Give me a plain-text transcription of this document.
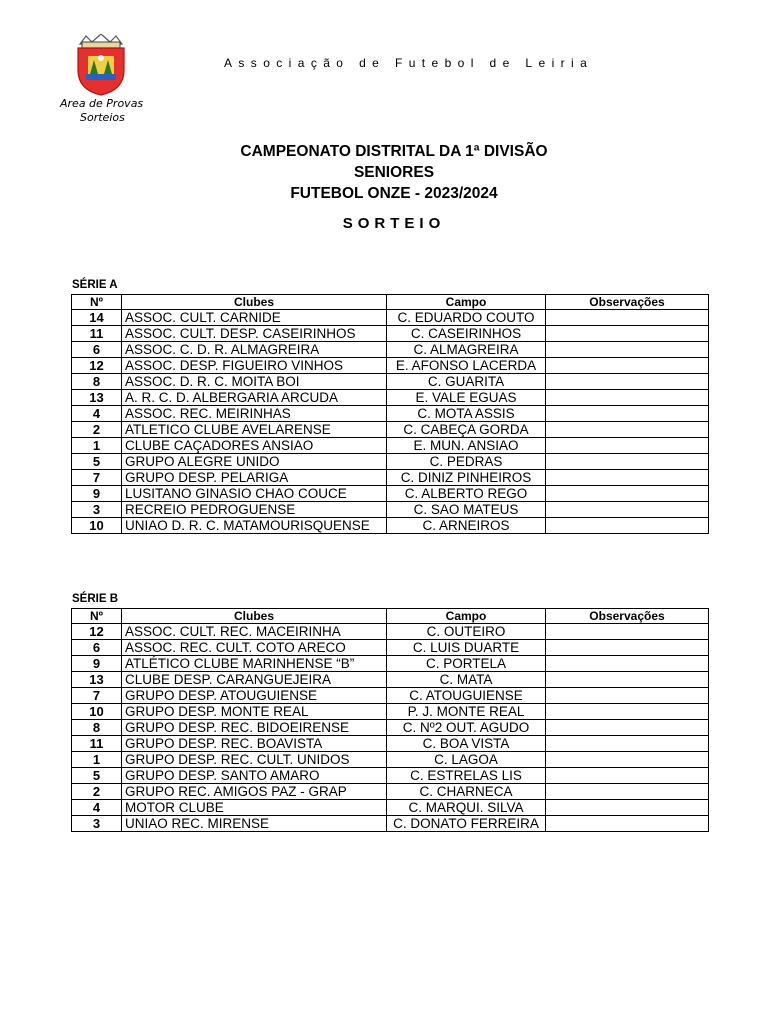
Area de Provas
Sorteios
Associação de Futebol de Leiria
CAMPEONATO DISTRITAL DA 1ª DIVISÃO
SENIORES
FUTEBOL ONZE - 2023/2024
SORTEIO
SÉRIE A
Nº	Clubes	Campo	Observações
14	ASSOC. CULT. CARNIDE	C. EDUARDO COUTO	
11	ASSOC. CULT. DESP. CASEIRINHOS	C. CASEIRINHOS	
6	ASSOC. C. D. R. ALMAGREIRA	C. ALMAGREIRA	
12	ASSOC. DESP. FIGUEIRO VINHOS	E. AFONSO LACERDA	
8	ASSOC. D. R. C. MOITA BOI	C. GUARITA	
13	A. R. C. D. ALBERGARIA ARCUDA	E. VALE EGUAS	
4	ASSOC. REC. MEIRINHAS	C. MOTA ASSIS	
2	ATLETICO CLUBE AVELARENSE	C. CABEÇA GORDA	
1	CLUBE CAÇADORES ANSIAO	E. MUN. ANSIAO	
5	GRUPO ALEGRE UNIDO	C. PEDRAS	
7	GRUPO DESP. PELARIGA	C. DINIZ PINHEIROS	
9	LUSITANO GINASIO CHAO COUCE	C. ALBERTO REGO	
3	RECREIO PEDROGUENSE	C. SAO MATEUS	
10	UNIAO D. R. C. MATAMOURISQUENSE	C. ARNEIROS	
SÉRIE B
Nº	Clubes	Campo	Observações
12	ASSOC. CULT. REC. MACEIRINHA	C. OUTEIRO	
6	ASSOC. REC. CULT. COTO ARECO	C. LUIS DUARTE	
9	ATLÉTICO CLUBE MARINHENSE “B”	C. PORTELA	
13	CLUBE DESP. CARANGUEJEIRA	C. MATA	
7	GRUPO DESP. ATOUGUIENSE	C. ATOUGUIENSE	
10	GRUPO DESP. MONTE REAL	P. J. MONTE REAL	
8	GRUPO DESP. REC. BIDOEIRENSE	C. Nº2 OUT. AGUDO	
11	GRUPO DESP. REC. BOAVISTA	C. BOA VISTA	
1	GRUPO DESP. REC. CULT. UNIDOS	C. LAGOA	
5	GRUPO DESP. SANTO AMARO	C. ESTRELAS LIS	
2	GRUPO REC. AMIGOS PAZ - GRAP	C. CHARNECA	
4	MOTOR CLUBE	C. MARQUI. SILVA	
3	UNIAO REC. MIRENSE	C. DONATO FERREIRA	
